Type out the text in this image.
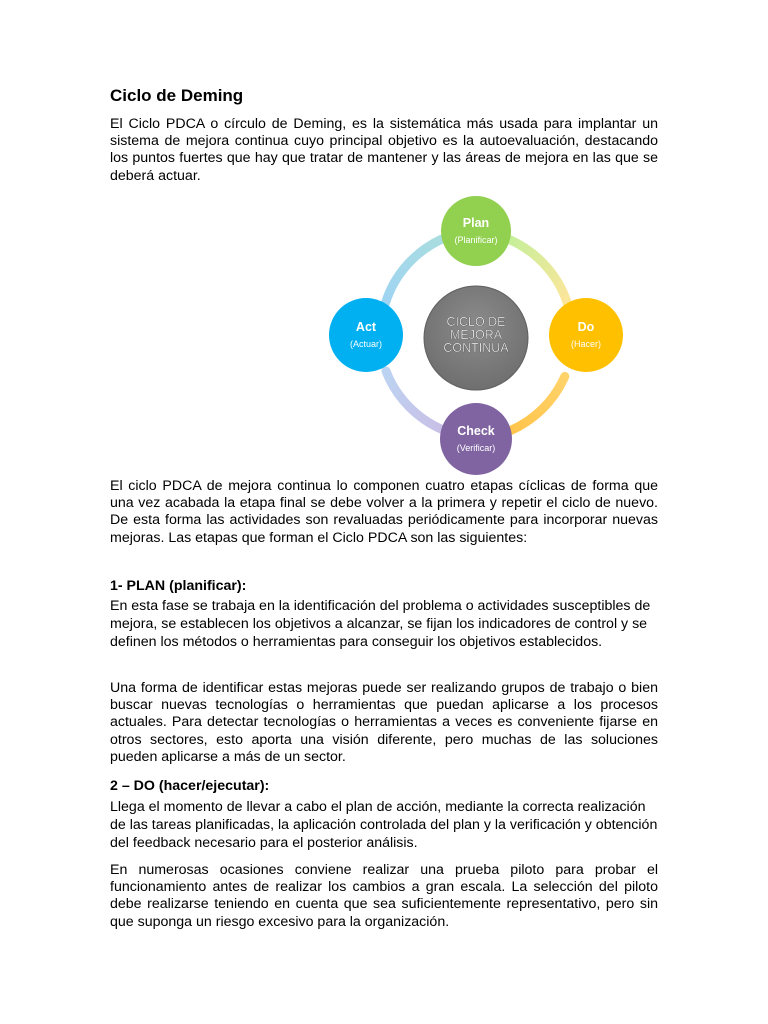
Ciclo de Deming

El Ciclo PDCA o círculo de Deming, es la sistemática más usada para implantar un sistema de mejora continua cuyo principal objetivo es la autoevaluación, destacando los puntos fuertes que hay que tratar de mantener y las áreas de mejora en las que se deberá actuar.

CICLO DE
MEJORA
CONTINUA
Plan
(Planificar)
Do
(Hacer)
Check
(Verificar)
Act
(Actuar)

El ciclo PDCA de mejora continua lo componen cuatro etapas cíclicas de forma que una vez acabada la etapa final se debe volver a la primera y repetir el ciclo de nuevo. De esta forma las actividades son revaluadas periódicamente para incorporar nuevas mejoras. Las etapas que forman el Ciclo PDCA son las siguientes:

1- PLAN (planificar):

En esta fase se trabaja en la identificación del problema o actividades susceptibles de mejora, se establecen los objetivos a alcanzar, se fijan los indicadores de control y se definen los métodos o herramientas para conseguir los objetivos establecidos.

Una forma de identificar estas mejoras puede ser realizando grupos de trabajo o bien buscar nuevas tecnologías o herramientas que puedan aplicarse a los procesos actuales. Para detectar tecnologías o herramientas a veces es conveniente fijarse en otros sectores, esto aporta una visión diferente, pero muchas de las soluciones pueden aplicarse a más de un sector.

2 – DO (hacer/ejecutar):

Llega el momento de llevar a cabo el plan de acción, mediante la correcta realización de las tareas planificadas, la aplicación controlada del plan y la verificación y obtención del feedback necesario para el posterior análisis.

En numerosas ocasiones conviene realizar una prueba piloto para probar el funcionamiento antes de realizar los cambios a gran escala. La selección del piloto debe realizarse teniendo en cuenta que sea suficientemente representativo, pero sin que suponga un riesgo excesivo para la organización.
